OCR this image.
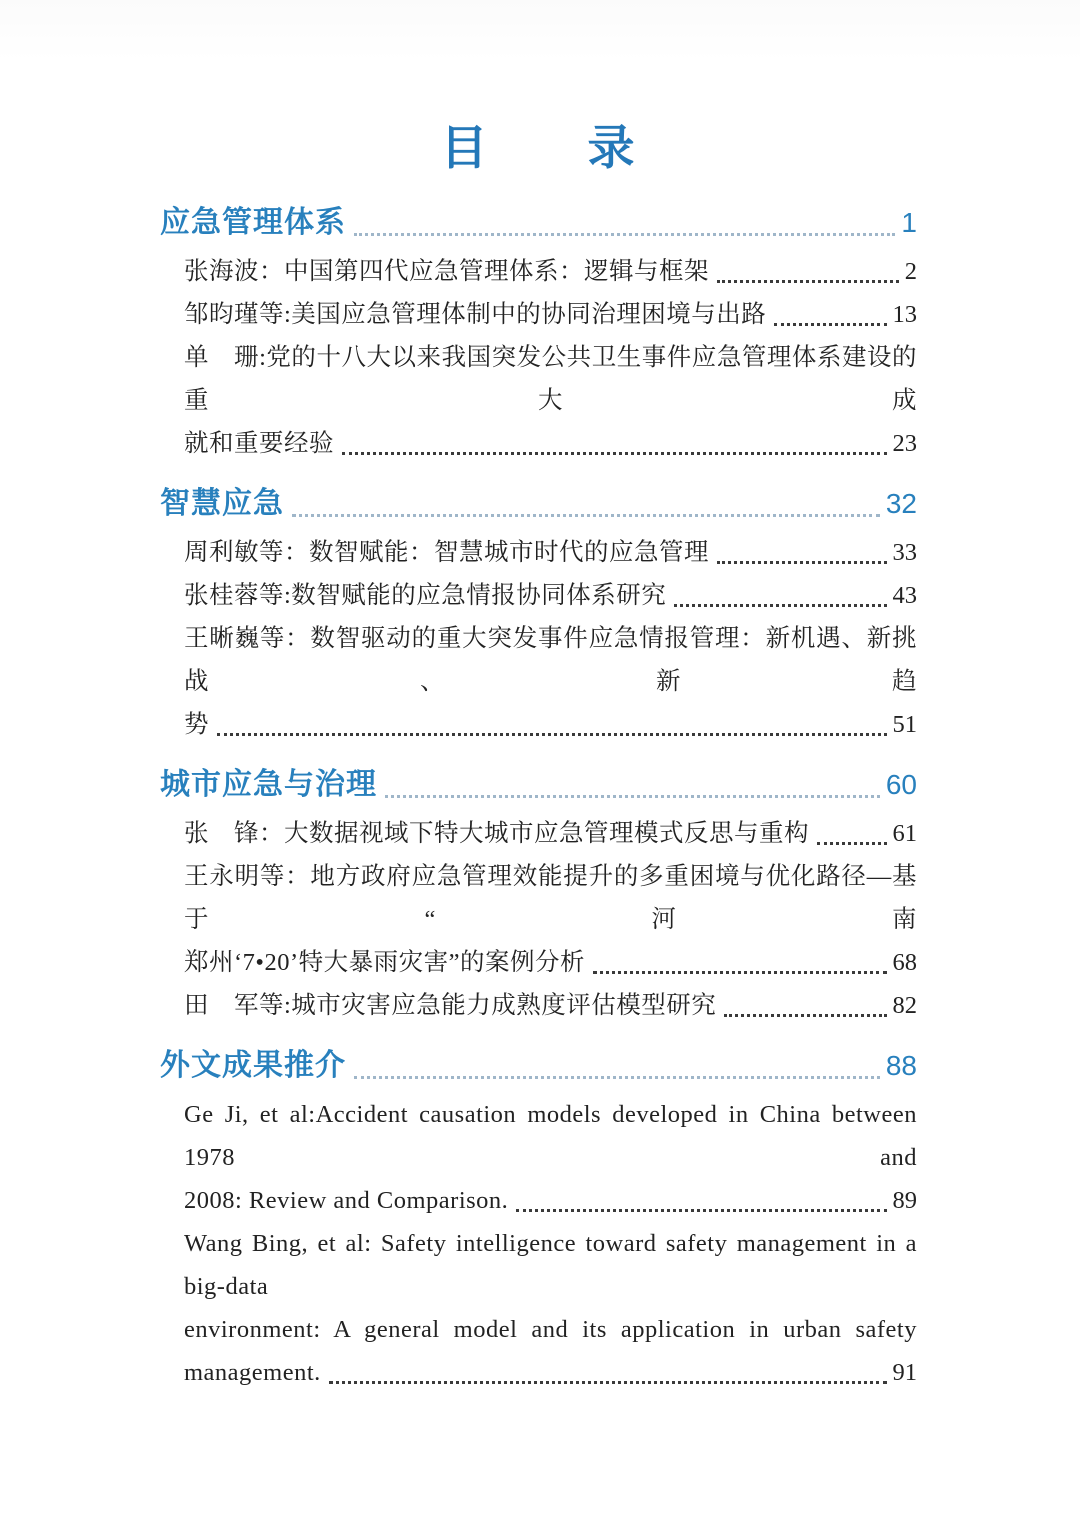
目　　录
应急管理体系	1
张海波：中国第四代应急管理体系：逻辑与框架	2
邹昀瑾等:美国应急管理体制中的协同治理困境与出路	13
单　珊:党的十八大以来我国突发公共卫生事件应急管理体系建设的重大成
就和重要经验	23
智慧应急	32
周利敏等：数智赋能：智慧城市时代的应急管理	33
张桂蓉等:数智赋能的应急情报协同体系研究	43
王晰巍等：数智驱动的重大突发事件应急情报管理：新机遇、新挑战、新趋
势	51
城市应急与治理	60
张　锋：大数据视域下特大城市应急管理模式反思与重构	61
王永明等：地方政府应急管理效能提升的多重困境与优化路径—基于“河南
郑州‘7•20’特大暴雨灾害”的案例分析	68
田　军等:城市灾害应急能力成熟度评估模型研究	82
外文成果推介	88
Ge Ji, et al:Accident causation models developed in China between 1978 and
2008: Review and Comparison.	89
Wang Bing, et al: Safety intelligence toward safety management in a big-data
environment: A general model and its application in urban safety
management.	91
